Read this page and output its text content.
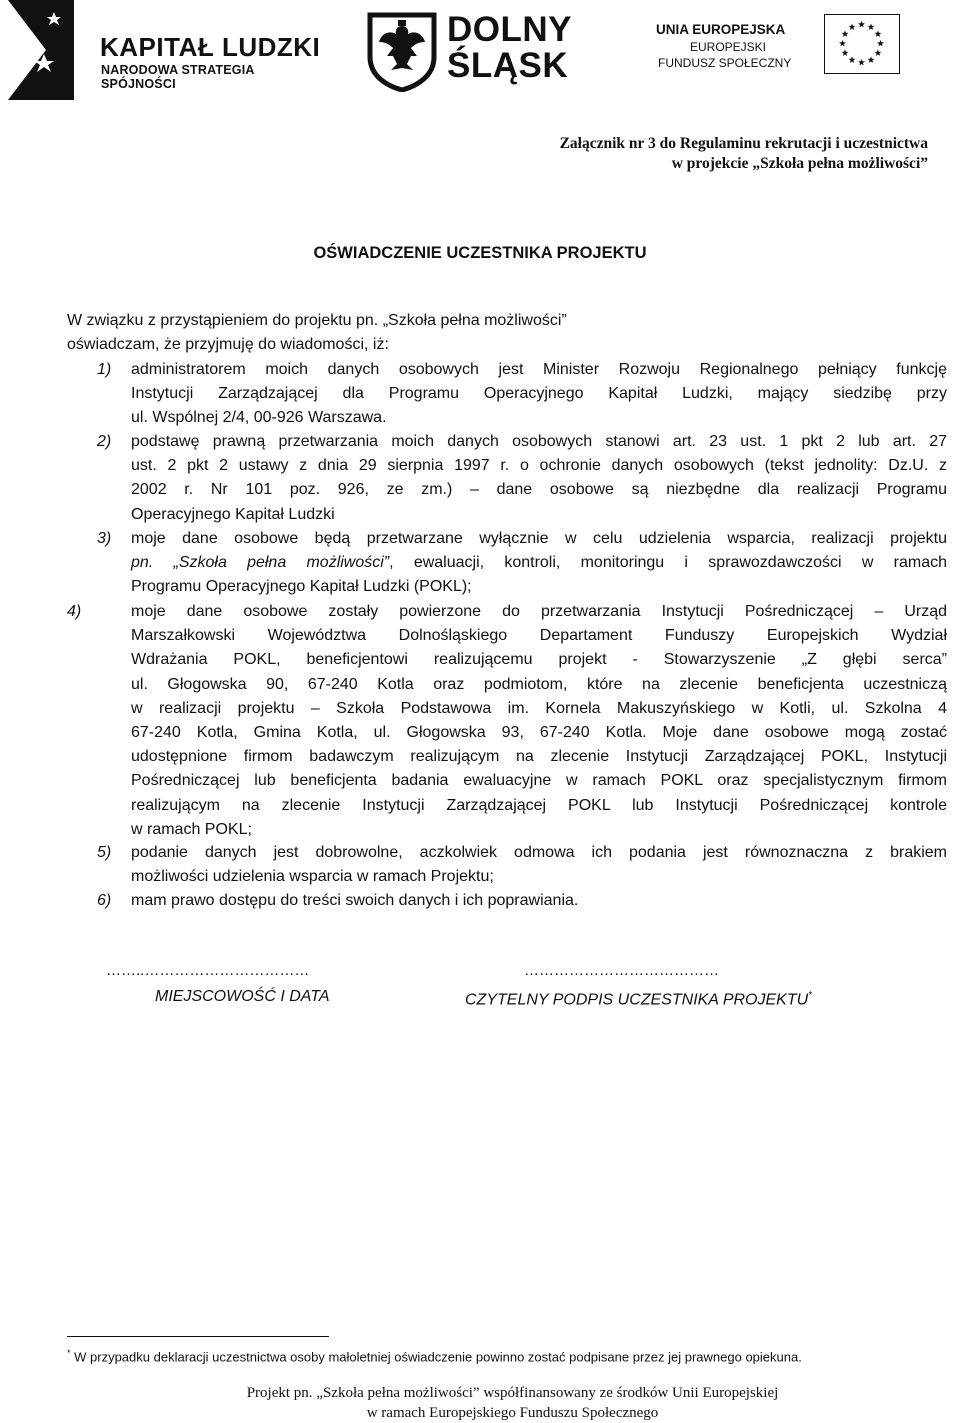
KAPITAŁ LUDZKI
NARODOWA STRATEGIA SPÓJNOŚCI
DOLNY
ŚLĄSK
UNIA EUROPEJSKA
EUROPEJSKI
FUNDUSZ SPOŁECZNY
Załącznik nr 3 do Regulaminu rekrutacji i uczestnictwa
w projekcie „Szkoła pełna możliwości”
OŚWIADCZENIE UCZESTNIKA PROJEKTU
W związku z przystąpieniem do projektu pn. „Szkoła pełna możliwości”
oświadczam, że przyjmuję do wiadomości, iż:
1) administratorem moich danych osobowych jest Minister Rozwoju Regionalnego pełniący funkcję
Instytucji Zarządzającej dla Programu Operacyjnego Kapitał Ludzki, mający siedzibę przy
ul. Wspólnej 2/4, 00-926 Warszawa.
2) podstawę prawną przetwarzania moich danych osobowych stanowi art. 23 ust. 1 pkt 2 lub art. 27
ust. 2 pkt 2 ustawy z dnia 29 sierpnia 1997 r. o ochronie danych osobowych (tekst jednolity: Dz.U. z
2002 r. Nr 101 poz. 926, ze zm.) – dane osobowe są niezbędne dla realizacji Programu
Operacyjnego Kapitał Ludzki
3) moje dane osobowe będą przetwarzane wyłącznie w celu udzielenia wsparcia, realizacji projektu
pn. „Szkoła pełna możliwości”, ewaluacji, kontroli, monitoringu i sprawozdawczości w ramach
Programu Operacyjnego Kapitał Ludzki (POKL);
4)	moje dane osobowe zostały powierzone do przetwarzania Instytucji Pośredniczącej – Urząd
Marszałkowski Województwa Dolnośląskiego Departament Funduszy Europejskich Wydział
Wdrażania POKL, beneficjentowi realizującemu projekt - Stowarzyszenie „Z głębi serca”
ul. Głogowska 90, 67-240 Kotla oraz podmiotom, które na zlecenie beneficjenta uczestniczą
w realizacji projektu – Szkoła Podstawowa im. Kornela Makuszyńskiego w Kotli, ul. Szkolna 4
67-240 Kotla, Gmina Kotla, ul. Głogowska 93, 67-240 Kotla. Moje dane osobowe mogą zostać
udostępnione firmom badawczym realizującym na zlecenie Instytucji Zarządzającej POKL, Instytucji
Pośredniczącej lub beneficjenta badania ewaluacyjne w ramach POKL oraz specjalistycznym firmom
realizującym na zlecenie Instytucji Zarządzającej POKL lub Instytucji Pośredniczącej kontrole
w ramach POKL;
5) podanie danych jest dobrowolne, aczkolwiek odmowa ich podania jest równoznaczna z brakiem
możliwości udzielenia wsparcia w ramach Projektu;
6) mam prawo dostępu do treści swoich danych i ich poprawiania.
……..……………………………
MIEJSCOWOŚĆ I DATA
…………………………………
CZYTELNY PODPIS UCZESTNIKA PROJEKTU*
* W przypadku deklaracji uczestnictwa osoby małoletniej oświadczenie powinno zostać podpisane przez jej prawnego opiekuna.
Projekt pn. „Szkoła pełna możliwości” współfinansowany ze środków Unii Europejskiej
w ramach Europejskiego Funduszu Społecznego
